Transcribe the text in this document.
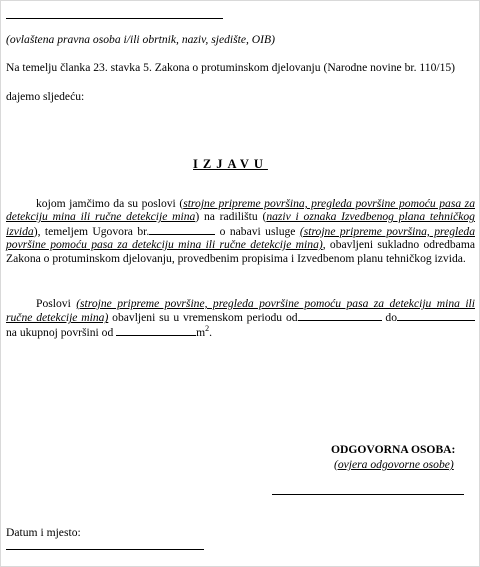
(ovlaštena pravna osoba i/ili obrtnik, naziv, sjedište, OIB)
Na temelju članka 23. stavka 5. Zakona o protuminskom djelovanju (Narodne novine br. 110/15)
dajemo sljedeću:
IZJAVU
kojom jamčimo da su poslovi (strojne pripreme površina, pregleda površine pomoću pasa za detekciju mina ili ručne detekcije mina) na radilištu (naziv i oznaka Izvedbenog plana tehničkog izvida), temeljem Ugovora br.	o nabavi usluge (strojne pripreme površina, pregleda površine pomoću pasa za detekciju mina ili ručne detekcije mina), obavljeni sukladno odredbama Zakona o protuminskom djelovanju, provedbenim propisima i Izvedbenom planu tehničkog izvida.
Poslovi (strojne pripreme površine, pregleda površine pomoću pasa za detekciju mina ili ručne detekcije mina) obavljeni su u vremenskom periodu od	do na ukupnoj površini od	$m^2$.
ODGOVORNA OSOBA:
(ovjera odgovorne osobe)
Datum i mjesto:
